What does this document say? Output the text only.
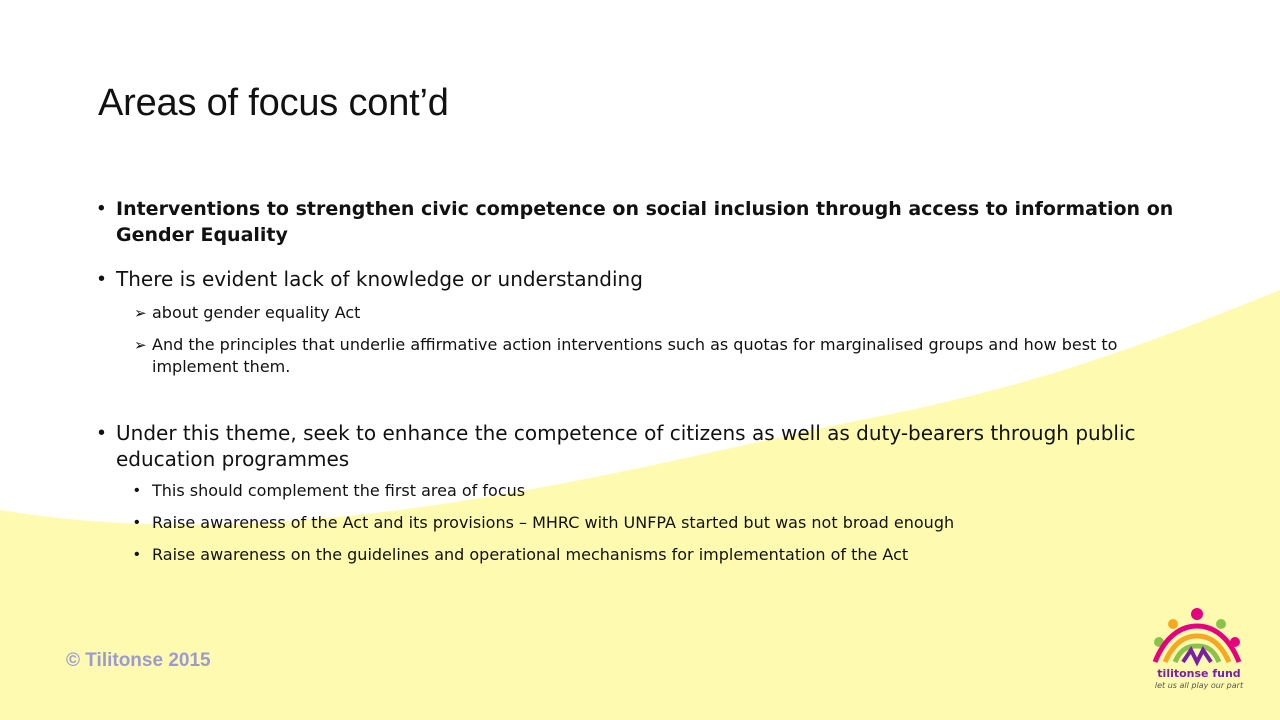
Areas of focus cont’d
• Interventions to strengthen civic competence on social inclusion through access to information on Gender Equality
• There is evident lack of knowledge or understanding
➢ about gender equality Act
➢ And the principles that underlie affirmative action interventions such as quotas for marginalised groups and how best to implement them.
• Under this theme, seek to enhance the competence of citizens as well as duty-bearers through public education programmes
• This should complement the first area of focus
• Raise awareness of the Act and its provisions – MHRC with UNFPA started but was not broad enough
• Raise awareness on the guidelines and operational mechanisms for implementation of the Act
© Tilitonse 2015
tilitonse fund
let us all play our part
